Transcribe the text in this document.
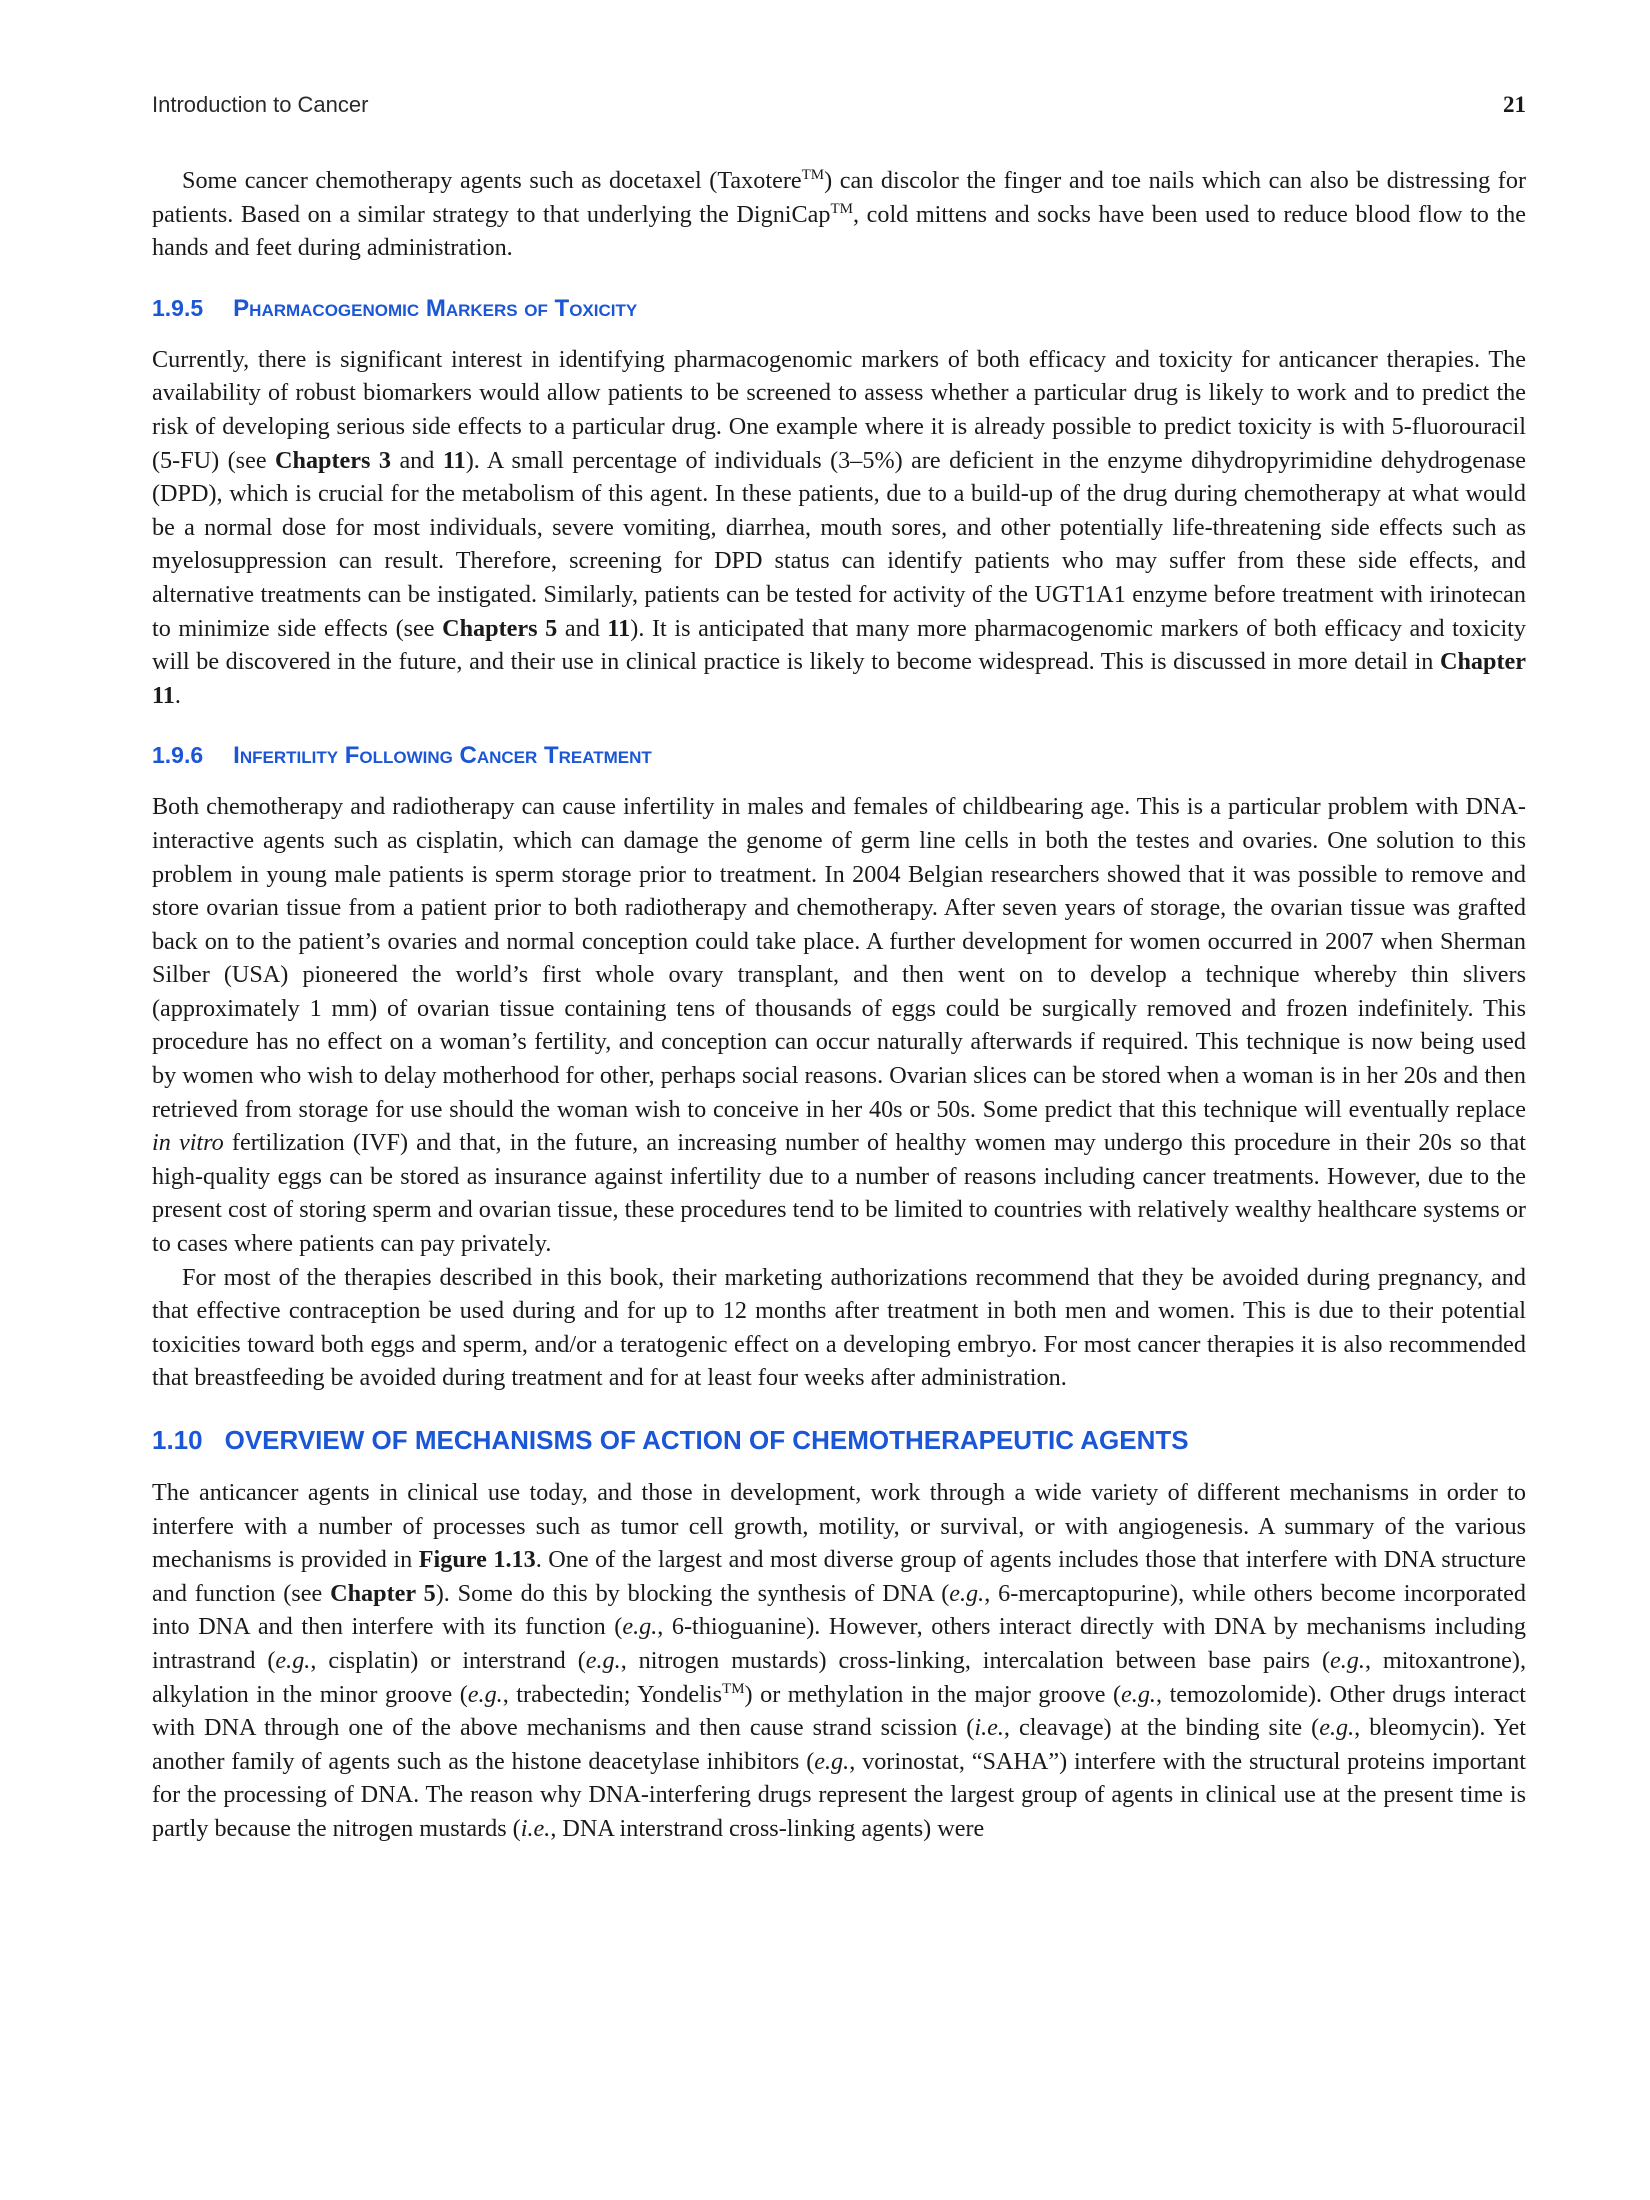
Introduction to Cancer	21

Some cancer chemotherapy agents such as docetaxel (Taxotere™) can discolor the finger and toe nails which can also be distressing for patients. Based on a similar strategy to that underlying the DigniCap™, cold mittens and socks have been used to reduce blood flow to the hands and feet during administration.

1.9.5 Pharmacogenomic Markers of Toxicity

Currently, there is significant interest in identifying pharmacogenomic markers of both efficacy and toxicity for anticancer therapies. The availability of robust biomarkers would allow patients to be screened to assess whether a particular drug is likely to work and to predict the risk of developing serious side effects to a particular drug. One example where it is already possible to predict toxicity is with 5-fluorouracil (5-FU) (see Chapters 3 and 11). A small percentage of individuals (3–5%) are deficient in the enzyme dihydropyrimidine dehydrogenase (DPD), which is crucial for the metabolism of this agent. In these patients, due to a build-up of the drug during chemotherapy at what would be a normal dose for most individuals, severe vomiting, diarrhea, mouth sores, and other potentially life-threatening side effects such as myelosuppression can result. Therefore, screening for DPD status can identify patients who may suffer from these side effects, and alternative treatments can be instigated. Similarly, patients can be tested for activity of the UGT1A1 enzyme before treatment with irinotecan to minimize side effects (see Chapters 5 and 11). It is anticipated that many more pharmacogenomic markers of both efficacy and toxicity will be discovered in the future, and their use in clinical practice is likely to become widespread. This is discussed in more detail in Chapter 11.

1.9.6 Infertility Following Cancer Treatment

Both chemotherapy and radiotherapy can cause infertility in males and females of childbearing age. This is a particular problem with DNA-interactive agents such as cisplatin, which can damage the genome of germ line cells in both the testes and ovaries. One solution to this problem in young male patients is sperm storage prior to treatment. In 2004 Belgian researchers showed that it was possible to remove and store ovarian tissue from a patient prior to both radiotherapy and chemotherapy. After seven years of storage, the ovarian tissue was grafted back on to the patient’s ovaries and normal conception could take place. A further development for women occurred in 2007 when Sherman Silber (USA) pioneered the world’s first whole ovary transplant, and then went on to develop a technique whereby thin slivers (approximately 1 mm) of ovarian tissue containing tens of thousands of eggs could be surgically removed and frozen indefinitely. This procedure has no effect on a woman’s fertility, and conception can occur naturally afterwards if required. This technique is now being used by women who wish to delay motherhood for other, perhaps social reasons. Ovarian slices can be stored when a woman is in her 20s and then retrieved from storage for use should the woman wish to conceive in her 40s or 50s. Some predict that this technique will eventually replace in vitro fertilization (IVF) and that, in the future, an increasing number of healthy women may undergo this procedure in their 20s so that high-quality eggs can be stored as insurance against infertility due to a number of reasons including cancer treatments. However, due to the present cost of storing sperm and ovarian tissue, these procedures tend to be limited to countries with relatively wealthy healthcare systems or to cases where patients can pay privately.

For most of the therapies described in this book, their marketing authorizations recommend that they be avoided during pregnancy, and that effective contraception be used during and for up to 12 months after treatment in both men and women. This is due to their potential toxicities toward both eggs and sperm, and/or a teratogenic effect on a developing embryo. For most cancer therapies it is also recommended that breastfeeding be avoided during treatment and for at least four weeks after administration.

1.10 OVERVIEW OF MECHANISMS OF ACTION OF CHEMOTHERAPEUTIC AGENTS

The anticancer agents in clinical use today, and those in development, work through a wide variety of different mechanisms in order to interfere with a number of processes such as tumor cell growth, motility, or survival, or with angiogenesis. A summary of the various mechanisms is provided in Figure 1.13. One of the largest and most diverse group of agents includes those that interfere with DNA structure and function (see Chapter 5). Some do this by blocking the synthesis of DNA (e.g., 6-mercaptopurine), while others become incorporated into DNA and then interfere with its function (e.g., 6-thioguanine). However, others interact directly with DNA by mechanisms including intrastrand (e.g., cisplatin) or interstrand (e.g., nitrogen mustards) cross-linking, intercalation between base pairs (e.g., mitoxantrone), alkylation in the minor groove (e.g., trabectedin; Yondelis™) or methylation in the major groove (e.g., temozolomide). Other drugs interact with DNA through one of the above mechanisms and then cause strand scission (i.e., cleavage) at the binding site (e.g., bleomycin). Yet another family of agents such as the histone deacetylase inhibitors (e.g., vorinostat, “SAHA”) interfere with the structural proteins important for the processing of DNA. The reason why DNA-interfering drugs represent the largest group of agents in clinical use at the present time is partly because the nitrogen mustards (i.e., DNA interstrand cross-linking agents) were
